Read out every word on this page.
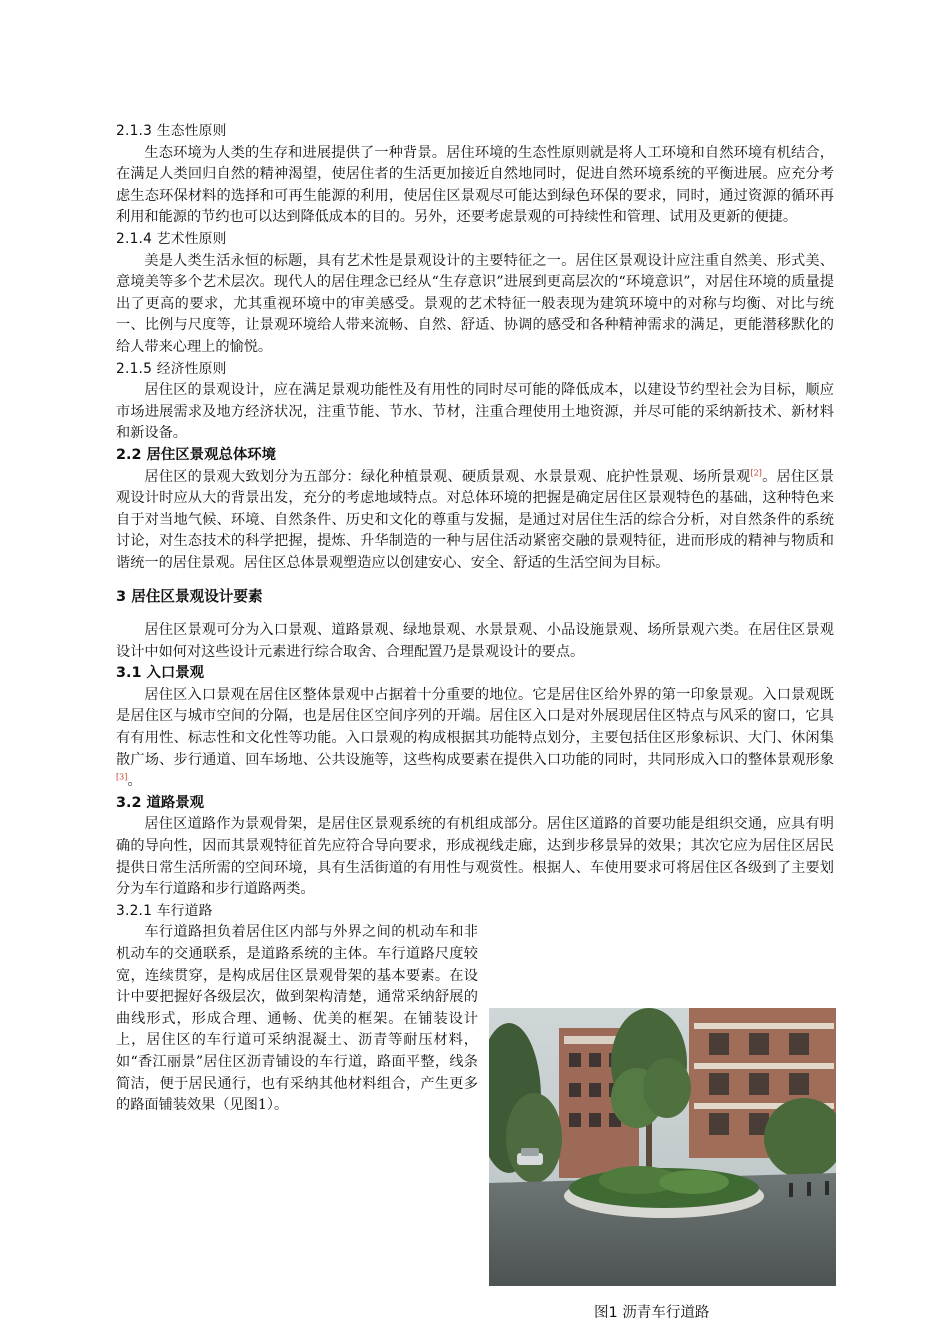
2.1.3 生态性原则

生态环境为人类的生存和进展提供了一种背景。居住环境的生态性原则就是将人工环境和自然环境有机结合，在满足人类回归自然的精神渴望，使居住者的生活更加接近自然地同时，促进自然环境系统的平衡进展。应充分考虑生态环保材料的选择和可再生能源的利用，使居住区景观尽可能达到绿色环保的要求，同时，通过资源的循环再利用和能源的节约也可以达到降低成本的目的。另外，还要考虑景观的可持续性和管理、试用及更新的便捷。

2.1.4 艺术性原则

美是人类生活永恒的标题，具有艺术性是景观设计的主要特征之一。居住区景观设计应注重自然美、形式美、意境美等多个艺术层次。现代人的居住理念已经从“生存意识”进展到更高层次的“环境意识”，对居住环境的质量提出了更高的要求，尤其重视环境中的审美感受。景观的艺术特征一般表现为建筑环境中的对称与均衡、对比与统一、比例与尺度等，让景观环境给人带来流畅、自然、舒适、协调的感受和各种精神需求的满足，更能潜移默化的给人带来心理上的愉悦。

2.1.5 经济性原则

居住区的景观设计，应在满足景观功能性及有用性的同时尽可能的降低成本，以建设节约型社会为目标，顺应市场进展需求及地方经济状况，注重节能、节水、节材，注重合理使用土地资源，并尽可能的采纳新技术、新材料和新设备。

2.2 居住区景观总体环境

居住区的景观大致划分为五部分：绿化种植景观、硬质景观、水景景观、庇护性景观、场所景观[2]。居住区景观设计时应从大的背景出发，充分的考虑地域特点。对总体环境的把握是确定居住区景观特色的基础，这种特色来自于对当地气候、环境、自然条件、历史和文化的尊重与发掘，是通过对居住生活的综合分析，对自然条件的系统讨论，对生态技术的科学把握，提炼、升华制造的一种与居住活动紧密交融的景观特征，进而形成的精神与物质和谐统一的居住景观。居住区总体景观塑造应以创建安心、安全、舒适的生活空间为目标。

3 居住区景观设计要素

居住区景观可分为入口景观、道路景观、绿地景观、水景景观、小品设施景观、场所景观六类。在居住区景观设计中如何对这些设计元素进行综合取舍、合理配置乃是景观设计的要点。

3.1 入口景观

居住区入口景观在居住区整体景观中占据着十分重要的地位。它是居住区给外界的第一印象景观。入口景观既是居住区与城市空间的分隔，也是居住区空间序列的开端。居住区入口是对外展现居住区特点与风采的窗口，它具有有用性、标志性和文化性等功能。入口景观的构成根据其功能特点划分，主要包括住区形象标识、大门、休闲集散广场、步行通道、回车场地、公共设施等，这些构成要素在提供入口功能的同时，共同形成入口的整体景观形象[3]。

3.2 道路景观

居住区道路作为景观骨架，是居住区景观系统的有机组成部分。居住区道路的首要功能是组织交通，应具有明确的导向性，因而其景观特征首先应符合导向要求，形成视线走廊，达到步移景异的效果；其次它应为居住区居民提供日常生活所需的空间环境，具有生活街道的有用性与观赏性。根据人、车使用要求可将居住区各级到了主要划分为车行道路和步行道路两类。

3.2.1 车行道路

车行道路担负着居住区内部与外界之间的机动车和非机动车的交通联系，是道路系统的主体。车行道路尺度较宽，连续贯穿，是构成居住区景观骨架的基本要素。在设计中要把握好各级层次，做到架构清楚，通常采纳舒展的曲线形式，形成合理、通畅、优美的框架。在铺装设计上，居住区的车行道可采纳混凝土、沥青等耐压材料，如“香江丽景”居住区沥青铺设的车行道，路面平整，线条简洁，便于居民通行，也有采纳其他材料组合，产生更多的路面铺装效果（见图1）。

图1 沥青车行道路
